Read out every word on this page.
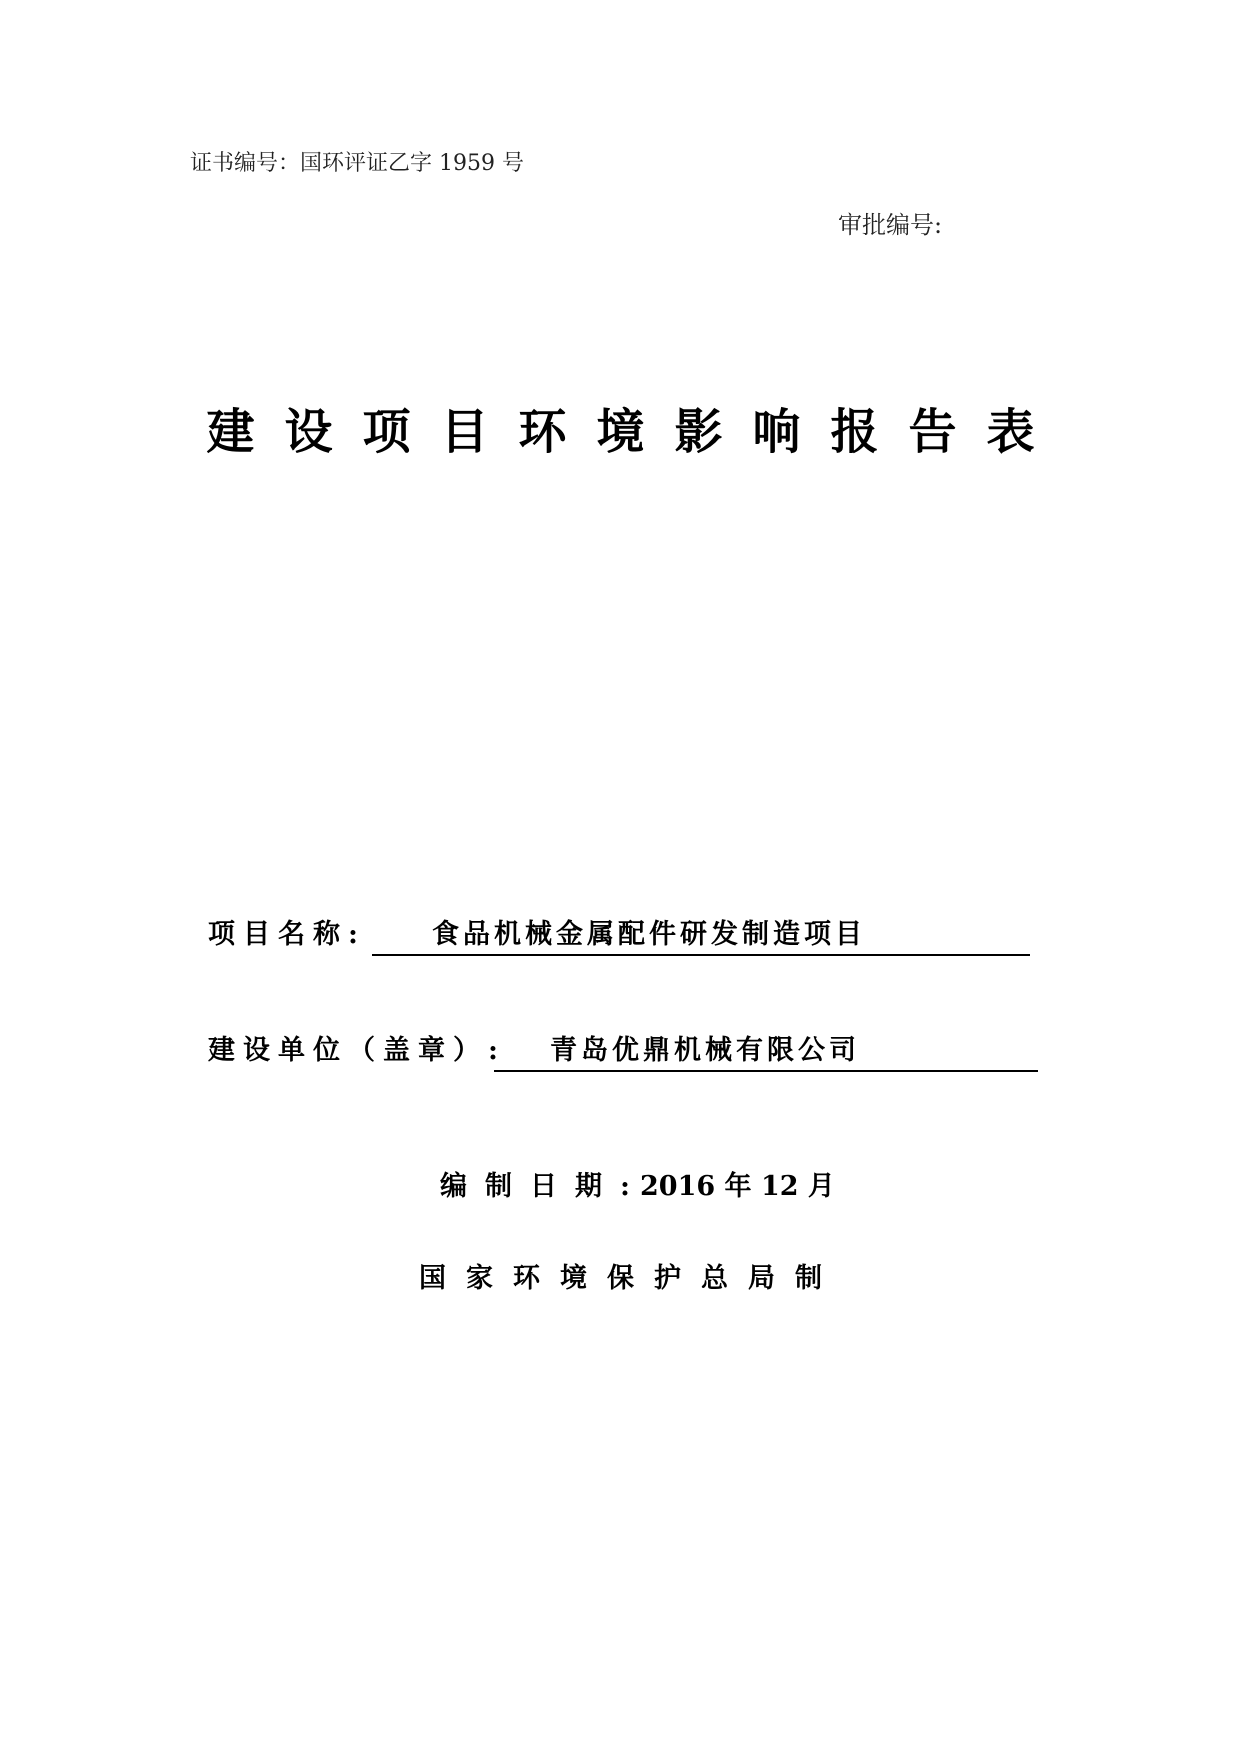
证书编号：国环评证乙字 1959 号
审批编号:
建设项目环境影响报告表
项目名称:	食品机械金属配件研发制造项目
建设单位（盖章）:	青岛优鼎机械有限公司
编制日期:
2016 年 12 月
国家环境保护总局制
